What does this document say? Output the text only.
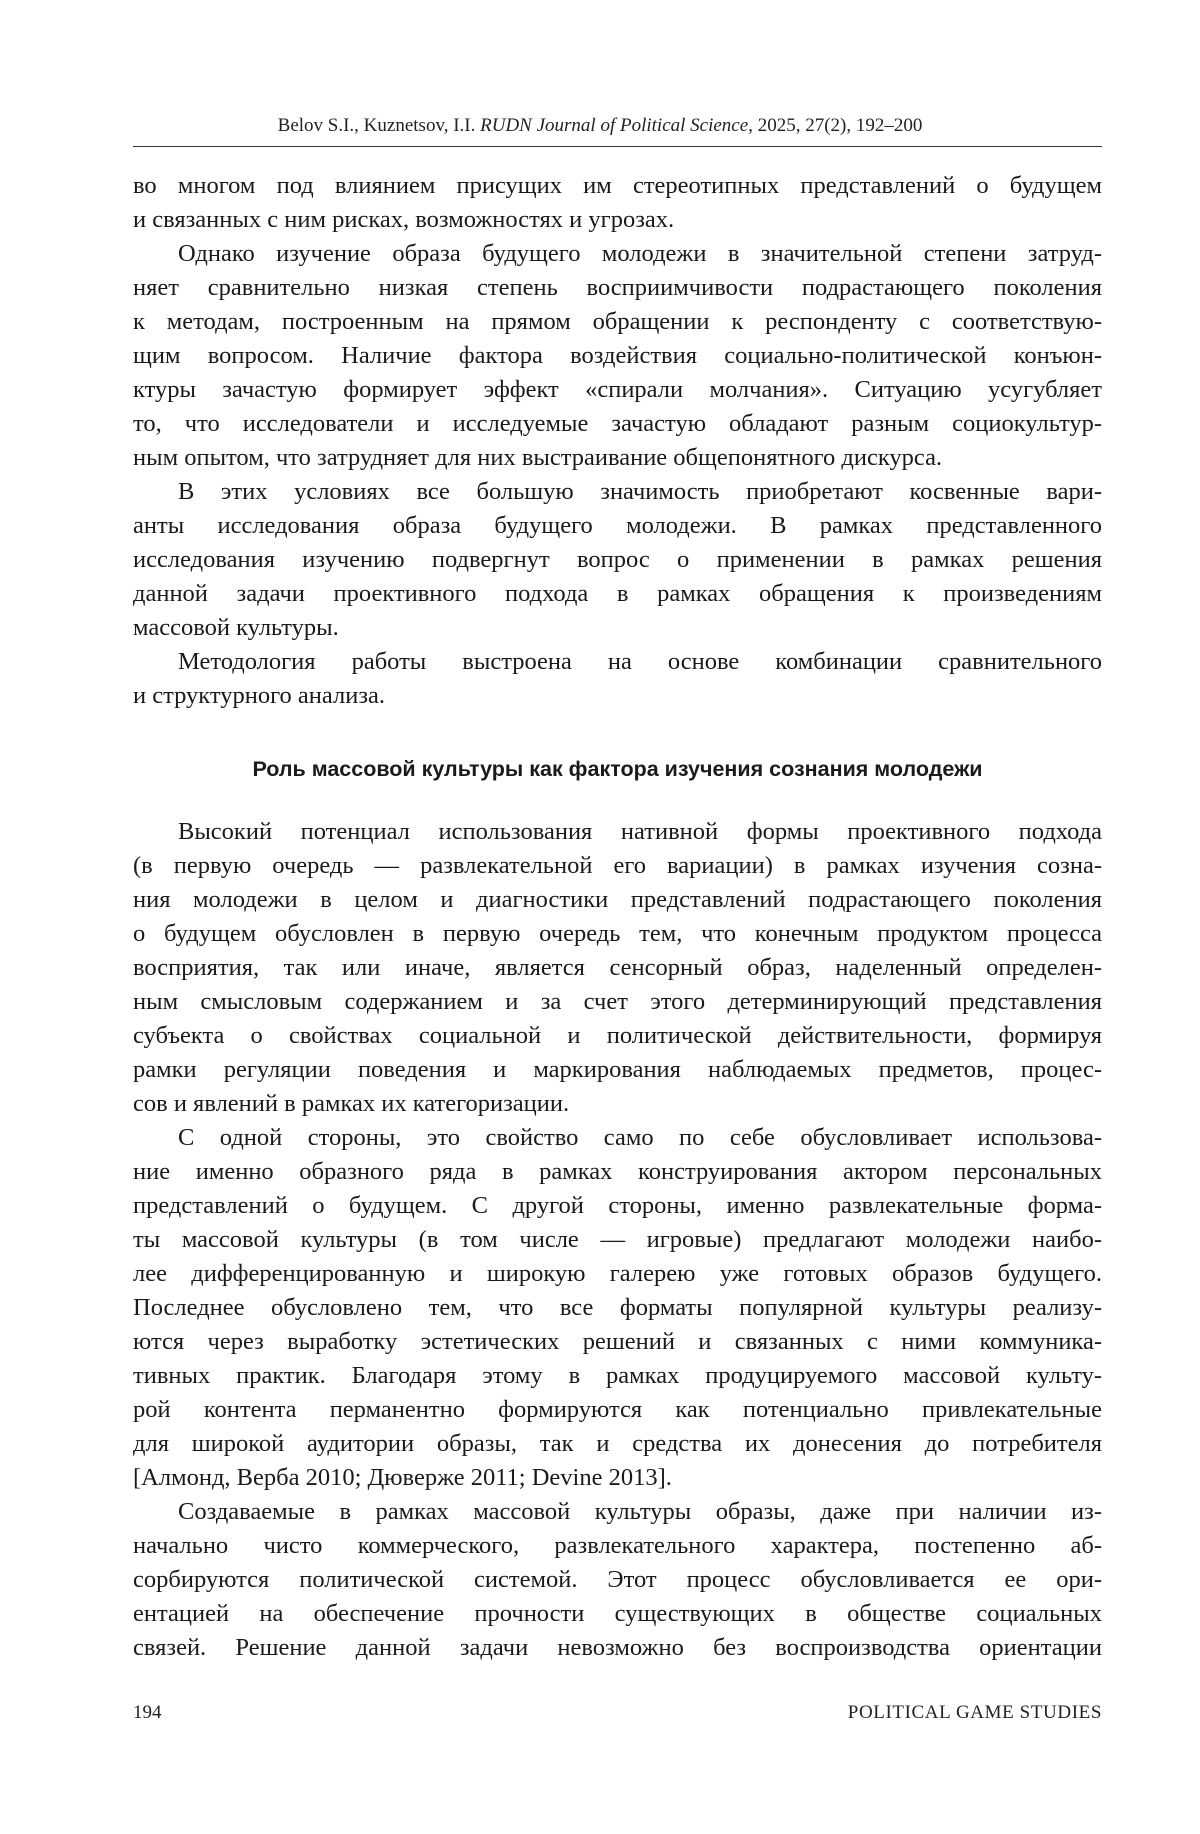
Belov S.I., Kuznetsov, I.I. RUDN Journal of Political Science, 2025, 27(2), 192–200
во многом под влиянием присущих им стереотипных представлений о будущем
и связанных с ним рисках, возможностях и угрозах.
Однако изучение образа будущего молодежи в значительной степени затруд-
няет сравнительно низкая степень восприимчивости подрастающего поколения
к методам, построенным на прямом обращении к респонденту с соответствую-
щим вопросом. Наличие фактора воздействия социально-политической конъюн-
ктуры зачастую формирует эффект «спирали молчания». Ситуацию усугубляет
то, что исследователи и исследуемые зачастую обладают разным социокультур-
ным опытом, что затрудняет для них выстраивание общепонятного дискурса.
В этих условиях все большую значимость приобретают косвенные вари-
анты исследования образа будущего молодежи. В рамках представленного
исследования изучению подвергнут вопрос о применении в рамках решения
данной задачи проективного подхода в рамках обращения к произведениям
массовой культуры.
Методология работы выстроена на основе комбинации сравнительного
и структурного анализа.
Роль массовой культуры как фактора изучения сознания молодежи
Высокий потенциал использования нативной формы проективного подхода
(в первую очередь — развлекательной его вариации) в рамках изучения созна-
ния молодежи в целом и диагностики представлений подрастающего поколения
о будущем обусловлен в первую очередь тем, что конечным продуктом процесса
восприятия, так или иначе, является сенсорный образ, наделенный определен-
ным смысловым содержанием и за счет этого детерминирующий представления
субъекта о свойствах социальной и политической действительности, формируя
рамки регуляции поведения и маркирования наблюдаемых предметов, процес-
сов и явлений в рамках их категоризации.
С одной стороны, это свойство само по себе обусловливает использова-
ние именно образного ряда в рамках конструирования актором персональных
представлений о будущем. С другой стороны, именно развлекательные форма-
ты массовой культуры (в том числе — игровые) предлагают молодежи наибо-
лее дифференцированную и широкую галерею уже готовых образов будущего.
Последнее обусловлено тем, что все форматы популярной культуры реализу-
ются через выработку эстетических решений и связанных с ними коммуника-
тивных практик. Благодаря этому в рамках продуцируемого массовой культу-
рой контента перманентно формируются как потенциально привлекательные
для широкой аудитории образы, так и средства их донесения до потребителя
[Алмонд, Верба 2010; Дюверже 2011; Devine 2013].
Создаваемые в рамках массовой культуры образы, даже при наличии из-
начально чисто коммерческого, развлекательного характера, постепенно аб-
сорбируются политической системой. Этот процесс обусловливается ее ори-
ентацией на обеспечение прочности существующих в обществе социальных
связей. Решение данной задачи невозможно без воспроизводства ориентации
194	POLITICAL GAME STUDIES
